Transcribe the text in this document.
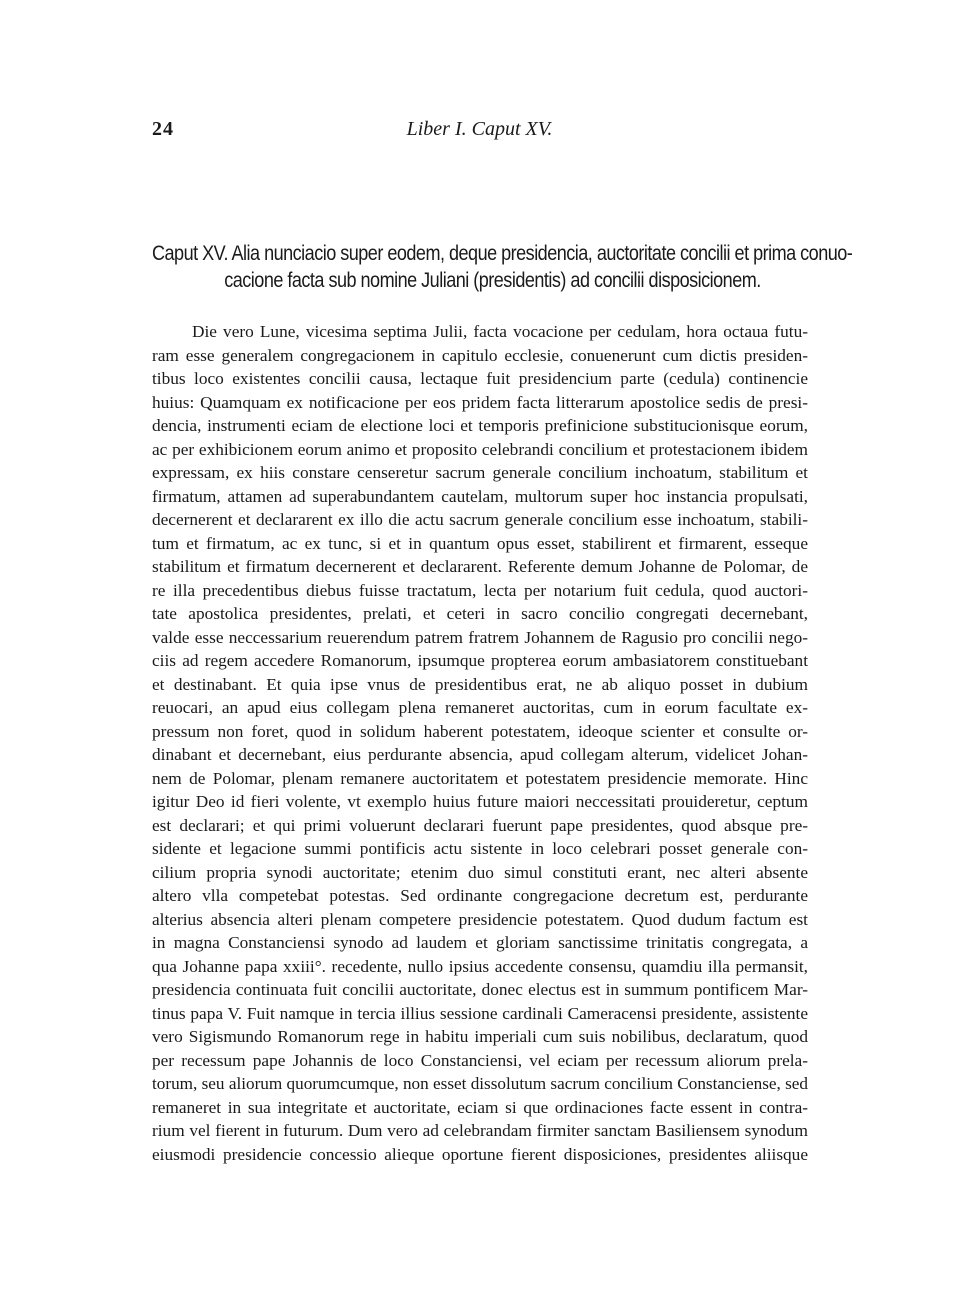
24	Liber I. Caput XV.
Caput XV. Alia nunciacio super eodem, deque presidencia, auctoritate concilii et prima conuo-
cacione facta sub nomine Juliani (presidentis) ad concilii disposicionem.
Die vero Lune, vicesima septima Julii, facta vocacione per cedulam, hora octaua futu-
ram esse generalem congregacionem in capitulo ecclesie, conuenerunt cum dictis presiden-
tibus loco existentes concilii causa, lectaque fuit presidencium parte (cedula) continencie
huius: Quamquam ex notificacione per eos pridem facta litterarum apostolice sedis de presi-
dencia, instrumenti eciam de electione loci et temporis prefinicione substitucionisque eorum,
ac per exhibicionem eorum animo et proposito celebrandi concilium et protestacionem ibidem
expressam, ex hiis constare censeretur sacrum generale concilium inchoatum, stabilitum et
firmatum, attamen ad superabundantem cautelam, multorum super hoc instancia propulsati,
decernerent et declararent ex illo die actu sacrum generale concilium esse inchoatum, stabili-
tum et firmatum, ac ex tunc, si et in quantum opus esset, stabilirent et firmarent, esseque
stabilitum et firmatum decernerent et declararent. Referente demum Johanne de Polomar, de
re illa precedentibus diebus fuisse tractatum, lecta per notarium fuit cedula, quod auctori-
tate apostolica presidentes, prelati, et ceteri in sacro concilio congregati decernebant,
valde esse neccessarium reuerendum patrem fratrem Johannem de Ragusio pro concilii nego-
ciis ad regem accedere Romanorum, ipsumque propterea eorum ambasiatorem constituebant
et destinabant. Et quia ipse vnus de presidentibus erat, ne ab aliquo posset in dubium
reuocari, an apud eius collegam plena remaneret auctoritas, cum in eorum facultate ex-
pressum non foret, quod in solidum haberent potestatem, ideoque scienter et consulte or-
dinabant et decernebant, eius perdurante absencia, apud collegam alterum, videlicet Johan-
nem de Polomar, plenam remanere auctoritatem et potestatem presidencie memorate. Hinc
igitur Deo id fieri volente, vt exemplo huius future maiori neccessitati prouideretur, ceptum
est declarari; et qui primi voluerunt declarari fuerunt pape presidentes, quod absque pre-
sidente et legacione summi pontificis actu sistente in loco celebrari posset generale con-
cilium propria synodi auctoritate; etenim duo simul constituti erant, nec alteri absente
altero vlla competebat potestas. Sed ordinante congregacione decretum est, perdurante
alterius absencia alteri plenam competere presidencie potestatem. Quod dudum factum est
in magna Constanciensi synodo ad laudem et gloriam sanctissime trinitatis congregata, a
qua Johanne papa xxiii°. recedente, nullo ipsius accedente consensu, quamdiu illa permansit,
presidencia continuata fuit concilii auctoritate, donec electus est in summum pontificem Mar-
tinus papa V. Fuit namque in tercia illius sessione cardinali Cameracensi presidente, assistente
vero Sigismundo Romanorum rege in habitu imperiali cum suis nobilibus, declaratum, quod
per recessum pape Johannis de loco Constanciensi, vel eciam per recessum aliorum prela-
torum, seu aliorum quorumcumque, non esset dissolutum sacrum concilium Constanciense, sed
remaneret in sua integritate et auctoritate, eciam si que ordinaciones facte essent in contra-
rium vel fierent in futurum. Dum vero ad celebrandam firmiter sanctam Basiliensem synodum
eiusmodi presidencie concessio alieque oportune fierent disposiciones, presidentes aliisque
